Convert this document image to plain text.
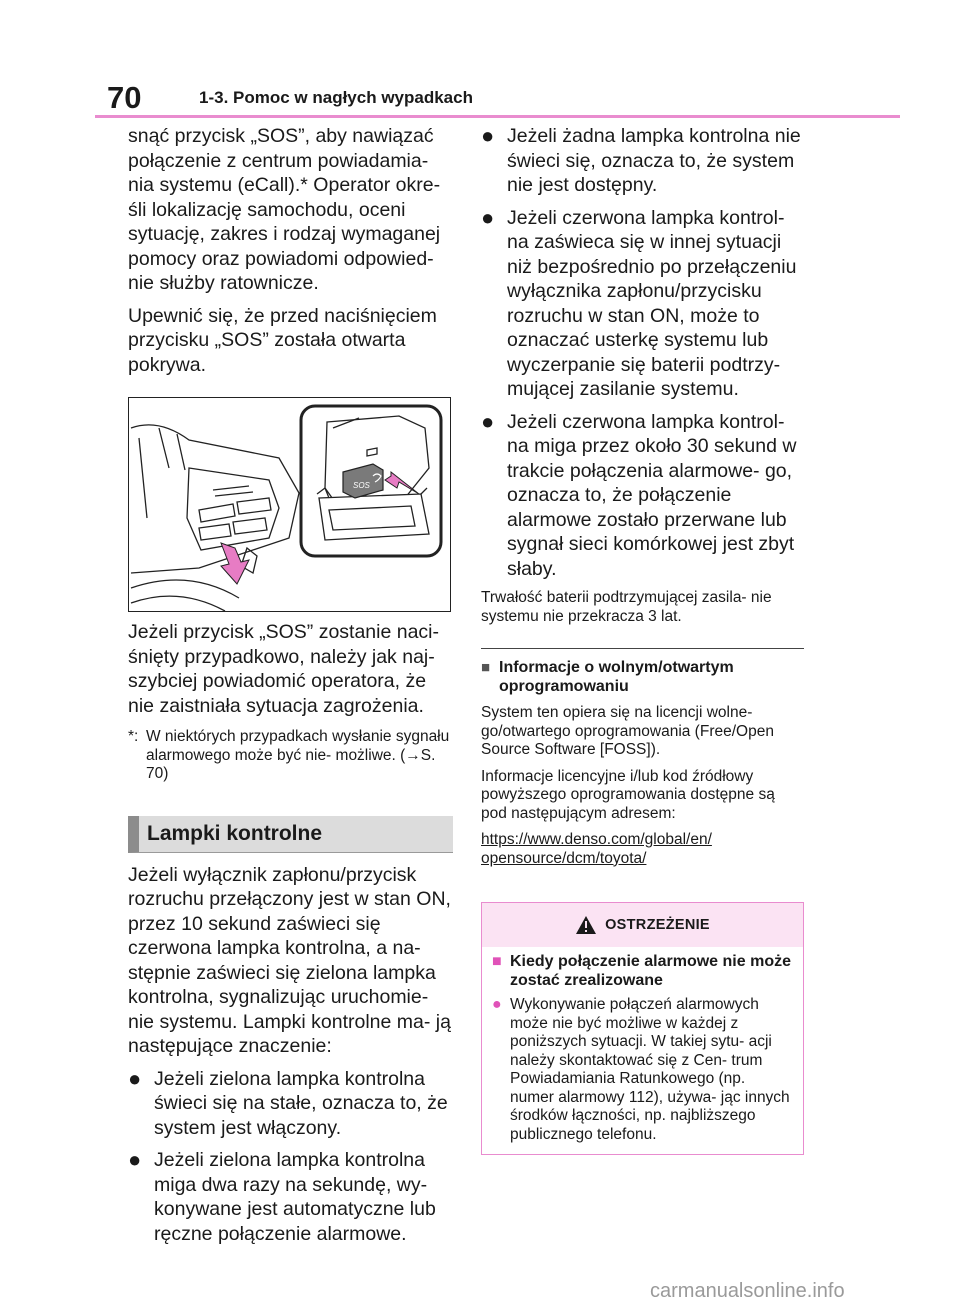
70	1-3. Pomoc w nagłych wypadkach

snąć przycisk „SOS”, aby nawiązać połączenie z centrum powiadamia- nia systemu (eCall).* Operator okre- śli lokalizację samochodu, oceni sytuację, zakres i rodzaj wymaganej pomocy oraz powiadomi odpowied- nie służby ratownicze.

Upewnić się, że przed naciśnięciem przycisku „SOS” została otwarta pokrywa.

SOS

Jeżeli przycisk „SOS” zostanie naci- śnięty przypadkowo, należy jak naj- szybciej powiadomić operatora, że nie zaistniała sytuacja zagrożenia.

*: W niektórych przypadkach wysłanie sygnału alarmowego może być nie- możliwe. (→S. 70)
Lampki kontrolne

Jeżeli wyłącznik zapłonu/przycisk rozruchu przełączony jest w stan ON, przez 10 sekund zaświeci się czerwona lampka kontrolna, a na- stępnie zaświeci się zielona lampka kontrolna, sygnalizując uruchomie- nie systemu. Lampki kontrolne ma- ją następujące znaczenie:

● Jeżeli zielona lampka kontrolna świeci się na stałe, oznacza to, że system jest włączony.
● Jeżeli zielona lampka kontrolna miga dwa razy na sekundę, wy- konywane jest automatyczne lub ręczne połączenie alarmowe.
● Jeżeli żadna lampka kontrolna nie świeci się, oznacza to, że system nie jest dostępny.
● Jeżeli czerwona lampka kontrol- na zaświeca się w innej sytuacji niż bezpośrednio po przełączeniu wyłącznika zapłonu/przycisku rozruchu w stan ON, może to oznaczać usterkę systemu lub wyczerpanie się baterii podtrzy- mującej zasilanie systemu.
● Jeżeli czerwona lampka kontrol- na miga przez około 30 sekund w trakcie połączenia alarmowe- go, oznacza to, że połączenie alarmowe zostało przerwane lub sygnał sieci komórkowej jest zbyt słaby.

Trwałość baterii podtrzymującej zasila- nie systemu nie przekracza 3 lat.

■ Informacje o wolnym/otwartym oprogramowaniu

System ten opiera się na licencji wolne- go/otwartego oprogramowania (Free/Open Source Software [FOSS]).

Informacje licencyjne i/lub kod źródłowy powyższego oprogramowania dostępne są pod następującym adresem:

https://www.denso.com/global/en/ opensource/dcm/toyota/

OSTRZEŻENIE
■ Kiedy połączenie alarmowe nie może zostać zrealizowane
● Wykonywanie połączeń alarmowych może nie być możliwe w każdej z poniższych sytuacji. W takiej sytu- acji należy skontaktować się z Cen- trum Powiadamiania Ratunkowego (np. numer alarmowy 112), używa- jąc innych środków łączności, np. najbliższego publicznego telefonu.
carmanualsonline.info
